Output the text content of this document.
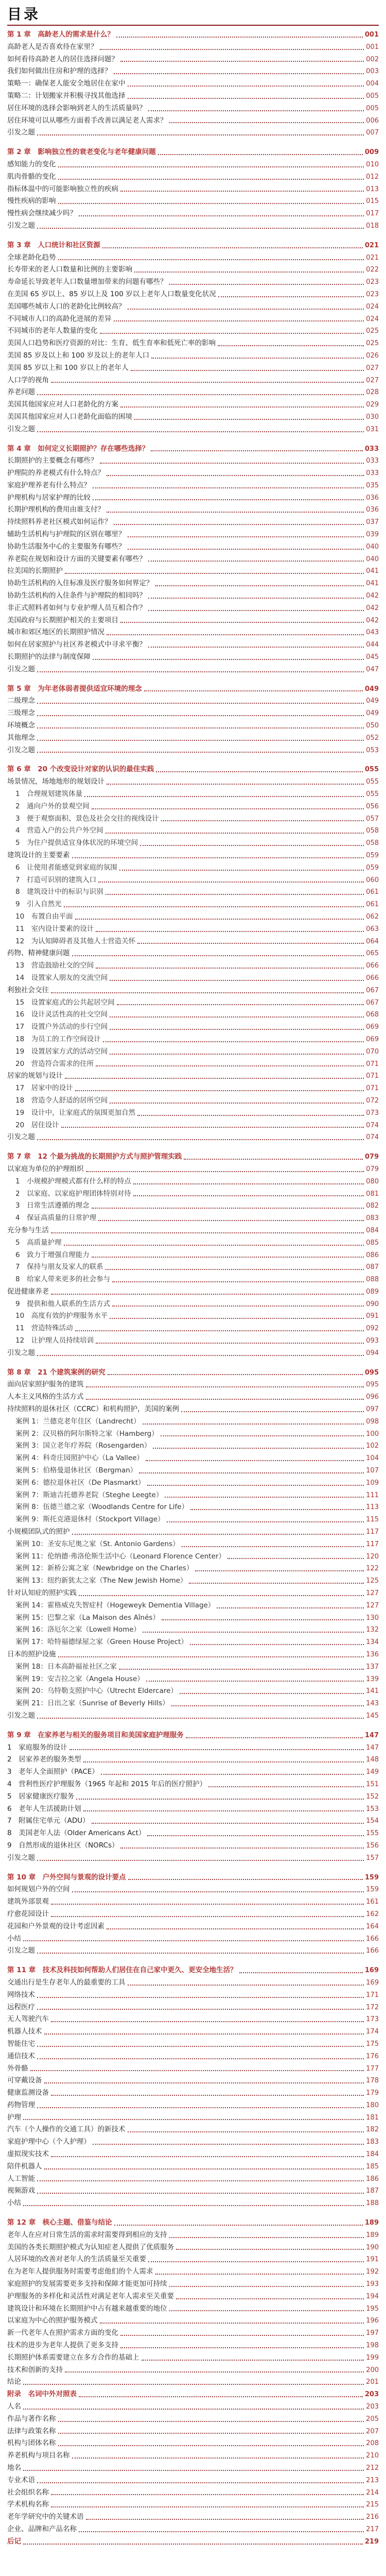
目录
第 1 章　高龄老人的需求是什么？	001
高龄老人是否喜欢待在家里？	001
如何看待高龄老人的居住选择问题？	002
我们如何做出住房和护理的选择？	003
策略一：确保老人能安全地居住在家中	004
策略二：计划搬家并积极寻找其他选择	005
居住环境的选择会影响到老人的生活质量吗？	005
居住环境可以从哪些方面着手改善以满足老人需求？	006
引发之题	007
第 2 章　影响独立性的衰老变化与老年健康问题	009
感知能力的变化	010
肌肉骨骼的变化	012
指标体温中的可能影响独立性的疾病	013
慢性疾病的影响	015
慢性病会继续减少吗？	017
引发之题	018
第 3 章　人口统计和社区资源	021
全球老龄化趋势	021
长寿带来的老人口数量和比例的主要影响	022
寿命延长导致老年人口数量增加带来的问题有哪些？	023
在美国 65 岁以上、85 岁以上及 100 岁以上老年人口数量变化状况	023
美国哪些城市人口的老龄化比例较高？	024
不同城市人口的高龄化进展的差异	024
不同城市的老年人数量的变化	025
美国人口趋势和医疗资源的对比：生育、低生育率和低死亡率的影响	025
美国 85 岁及以上和 100 岁及以上的老年人口	026
美国 85 岁以上和 100 岁以上的老年人	027
人口学的视角	027
养老问题	028
美国其他国家应对人口老龄化的方案	029
美国其他国家应对人口老龄化面临的困境	030
引发之题	031
第 4 章　如何定义长期照护？存在哪些选择？	033
长期照护的主要概念有哪些？	033
护理院的养老模式有什么特点？	033
家庭护理养老有什么特点？	035
护理机构与居家护理的比较	036
长期护理机构的费用由谁支付？	036
持续照料养老社区模式如何运作？	037
辅助生活机构与护理院的区别在哪里？	039
协助生活服务中心的主要服务有哪些？	040
养老院在规划和设计方面的关键要素有哪些？	040
拉美国的长期照护	041
协助生活机构的入住标准及医疗服务如何界定？	041
协助生活机构的入住条件与护理院的相同吗？	042
非正式照料者如何与专业护理人员互相合作？	042
美国政府与长期照护相关的主要项目	042
城市和郊区地区的长期照护情况	043
如何在居家照护与社区养老模式中寻求平衡？	044
长期照护的法律与制度保障	045
引发之题	047
第 5 章　为年老体弱者提供适宜环境的理念	049
二级理念	049
三级理念	049
环境概念	050
其他理念	052
引发之题	053
第 6 章　20 个改变设计对家的认识的最佳实践	055
场景情况，场地地形的规划设计	055
1　合理规划建筑体量	055
2　通向户外的景观空间	056
3　便于观察面积、景色及社会交往的视线设计	057
4　营造入户的公共户外空间	058
5　为住户提供适宜身体状况的环境空间	058
建筑设计的主要要素	059
6　让使用者能感觉到家庭的氛围	059
7　打造可识别的建筑入口	060
8　建筑设计中的标识与识别	061
9　引入自然光	061
10　布置自由平面	062
11　室内设计要素的设计	063
12　为认知障碍者及其他人士营造关怀	064
药物、精神健康问题	065
13　营造鼓励社交的空间	066
14　设置家人朋友的交流空间	066
利独社会交往	067
15　设置家庭式的公共起居空间	067
16　设计灵活性高的社交空间	068
17　设置户外活动的步行空间	069
18　为员工的工作空间设计	069
19　设置居家方式的活动空间	070
20　营造符合需求的住所	071
居家的规划与设计	071
17　居家中的设计	071
18　营造令人舒适的居所空间	072
19　设计中，让家庭式的氛围更加自然	073
20　居住设计	074
引发之题	074
第 7 章　12 个最为挑战的长期照护方式与照护管理实践	079
以家庭为单位的护理组织	079
1　小规模护理模式都有什么样的特点	080
2　以家庭、以家庭护理团体特别对待	081
3　日常生活遵循的理念	082
4　保证高质量的日常护理	083
充分参与生活	084
5　高质量护理	085
6　致力于增强自理能力	086
7　保持与朋友及家人的联系	087
8　给家人带来更多的社会参与	088
促进健康养老	089
9　提供和他人联系的生活方式	090
10　高度有效的护理服务水平	091
11　营造特殊活动	092
12　让护理人员持续培训	093
引发之题	094
第 8 章　21 个建筑案例的研究	095
面向居家照护服务的建筑	095
人本主义风格的生活方式	096
持续照料的退休社区（CCRC）和机构照护，美国的案例	097
案例 1：兰德克老年住区（Landrecht）	098
案例 2：汉贝格的阿尔斯特之家（Hamberg）	100
案例 3：国立老年疗养院（Rosengarden）	102
案例 4：科奇庄园照护中心（La Vallee）	104
案例 5：伯格曼退休社区（Bergman）	107
案例 6：德拉退休社区（De Plasmarkt）	109
案例 7：斯迪吉托德养老院（Steghe Leegte）	111
案例 8：伍德兰德之家（Woodlands Centre for Life）	113
案例 9：斯托克港退休村（Stockport Village）	115
小规模团队式的照护	117
案例 10：圣安东尼奥之家（St. Antonio Gardens）	117
案例 11：伦纳德·弗洛伦斯生活中心（Leonard Florence Center）	120
案例 12：新桥公寓之家（Newbridge on the Charles）	122
案例 13：纽约新犹太之家（The New Jewish Home）	125
针对认知症的照护实践	127
案例 14：霍格威克失智症村（Hogeweyk Dementia Village）	127
案例 15：巴黎之家（La Maison des Aînés）	130
案例 16：洛厄尔之家（Lowell Home）	132
案例 17：哈特福德绿屋之家（Green House Project）	134
日本的照护设施	136
案例 18：日本高龄福祉社区之家	137
案例 19：安吉拉之家（Angela House）	139
案例 20：乌特勒支照护中心（Utrecht Eldercare）	141
案例 21：日出之家（Sunrise of Beverly Hills）	143
引发之题	145
第 9 章　在家养老与相关的服务项目和美国家庭护理服务	147
1　家庭服务的设计	147
2　居家养老的服务类型	148
3　老年人全面照护（PACE）	149
4　营利性医疗护理服务（1965 年起和 2015 年后的医疗照护）	151
5　居家健康医疗服务	152
6　老年人生活援助计划	153
7　附属住宅单元（ADU）	154
8　美国老年人法（Older Americans Act）	155
9　自然形成的退休社区（NORCs）	156
引发之题	157
第 10 章　户外空间与景观的设计要点	159
如何规划户外的空间	159
建筑外部景观	161
疗愈花园设计	162
花园和户外景观的设计考虑因素	164
小结	166
引发之题	166
第 11 章　技术及科技如何帮助人们居住在自己家中更久、更安全地生活？	169
交通出行是生存老年人的最重要的工具	169
网络技术	171
远程医疗	172
无人驾驶汽车	173
机器人技术	174
智能住宅	175
通信技术	176
外骨骼	177
可穿戴设备	178
健康监测设备	179
药物管理	180
护理	181
汽车（个人操作的交通工具）的新技术	182
家庭护理中心（个人护理）	183
虚拟现实技术	184
陪伴机器人	185
人工智能	186
视频游戏	187
小结	188
第 12 章　核心主题、借鉴与结论	189
老年人在应对日常生活的需求时需要得到相应的支持	189
美国的各类长期照护模式为认知症老人提供了优质服务	190
人居环境的改善对老年人的生活质量至关重要	191
在为老年人提供服务时需要考虑他们的个人需求	192
家庭照护的发展需要更多支持和保障才能更加可持续	193
护理服务的多样化和灵活性对满足老年人需求至关重要	194
建筑设计和环境在长期照护中占有越来越重要的地位	195
以家庭为中心的照护服务模式	196
新一代老年人在照护需求方面的变化	197
技术的进步为老年人提供了更多支持	198
长期照护体系需要建立在多方合作的基础上	199
技术和创新的支持	200
结论	201
附录　名词中外对照表	203
人名	203
作品与著作名称	205
法律与政策名称	207
机构与团体名称	208
养老机构与项目名称	210
地名	212
专业术语	213
社会组织名称	214
学术机构名称	215
老年学研究中的关键术语	216
企业、品牌和产品名称	217
后记	219
